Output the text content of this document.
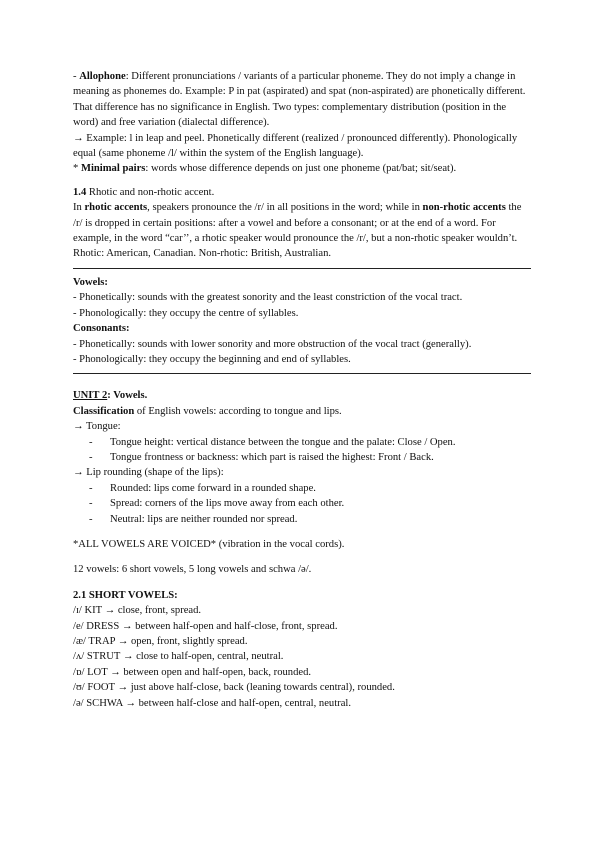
- Allophone: Different pronunciations / variants of a particular phoneme. They do not imply a change in meaning as phonemes do. Example: P in pat (aspirated) and spat (non-aspirated) are phonetically different. That difference has no significance in English. Two types: complementary distribution (position in the word) and free variation (dialectal difference).

→ Example: l in leap and peel. Phonetically different (realized / pronounced differently). Phonologically equal (same phoneme /l/ within the system of the English language).

* Minimal pairs: words whose difference depends on just one phoneme (pat/bat; sit/seat).

1.4 Rhotic and non-rhotic accent.

In rhotic accents, speakers pronounce the /r/ in all positions in the word; while in non-rhotic accents the /r/ is dropped in certain positions: after a vowel and before a consonant; or at the end of a word. For example, in the word “car’’, a rhotic speaker would pronounce the /r/, but a non-rhotic speaker wouldn’t. Rhotic: American, Canadian. Non-rhotic: British, Australian.

Vowels:

- Phonetically: sounds with the greatest sonority and the least constriction of the vocal tract.

- Phonologically: they occupy the centre of syllables.

Consonants:

- Phonetically: sounds with lower sonority and more obstruction of the vocal tract (generally).

- Phonologically: they occupy the beginning and end of syllables.

UNIT 2: Vowels.

Classification of English vowels: according to tongue and lips.

→ Tongue:

- Tongue height: vertical distance between the tongue and the palate: Close / Open.
- Tongue frontness or backness: which part is raised the highest: Front / Back.

→ Lip rounding (shape of the lips):

- Rounded: lips come forward in a rounded shape.
- Spread: corners of the lips move away from each other.
- Neutral: lips are neither rounded nor spread.

*ALL VOWELS ARE VOICED* (vibration in the vocal cords).

12 vowels: 6 short vowels, 5 long vowels and schwa /ə/.

2.1 SHORT VOWELS:

/ɪ/ KIT → close, front, spread.

/e/ DRESS → between half-open and half-close, front, spread.

/æ/ TRAP → open, front, slightly spread.

/ʌ/ STRUT → close to half-open, central, neutral.

/ɒ/ LOT → between open and half-open, back, rounded.

/ʊ/ FOOT → just above half-close, back (leaning towards central), rounded.

/ə/ SCHWA → between half-close and half-open, central, neutral.
